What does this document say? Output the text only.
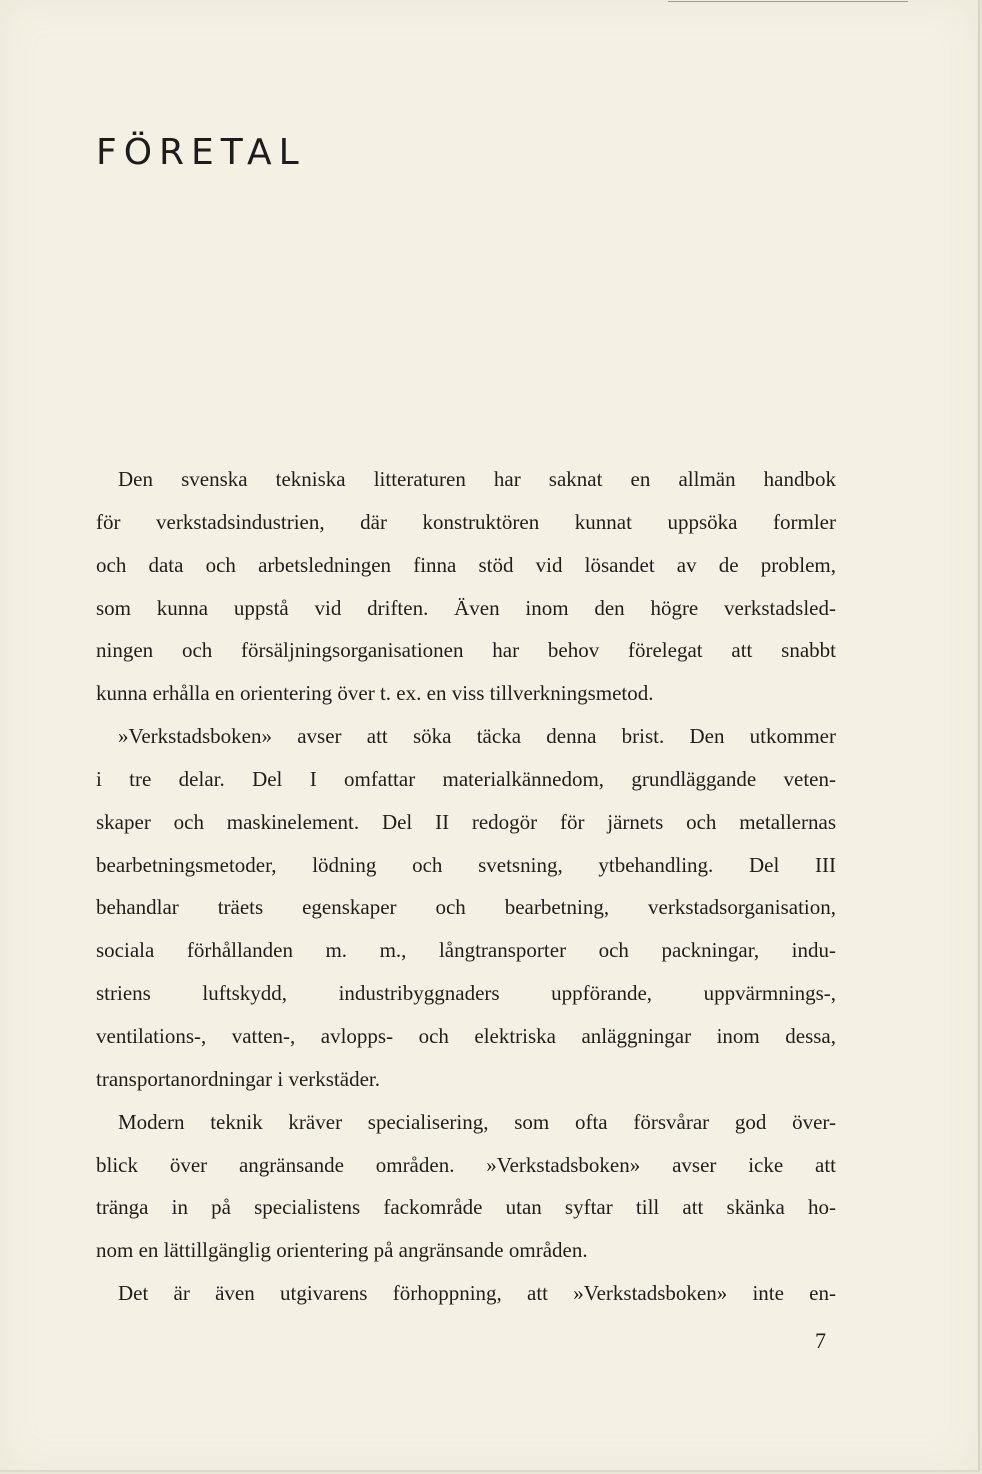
FÖRETAL

Den svenska tekniska litteraturen har saknat en allmän handbok

för verkstadsindustrien, där konstruktören kunnat uppsöka formler

och data och arbetsledningen finna stöd vid lösandet av de problem,

som kunna uppstå vid driften. Även inom den högre verkstadsled-

ningen och försäljningsorganisationen har behov förelegat att snabbt

kunna erhålla en orientering över t. ex. en viss tillverkningsmetod.

»Verkstadsboken» avser att söka täcka denna brist. Den utkommer

i tre delar. Del I omfattar materialkännedom, grundläggande veten-

skaper och maskinelement. Del II redogör för järnets och metallernas

bearbetningsmetoder, lödning och svetsning, ytbehandling. Del III

behandlar träets egenskaper och bearbetning, verkstadsorganisation,

sociala förhållanden m. m., långtransporter och packningar, indu-

striens luftskydd, industribyggnaders uppförande, uppvärmnings-,

ventilations-, vatten-, avlopps- och elektriska anläggningar inom dessa,

transportanordningar i verkstäder.

Modern teknik kräver specialisering, som ofta försvårar god över-

blick över angränsande områden. »Verkstadsboken» avser icke att

tränga in på specialistens fackområde utan syftar till att skänka ho-

nom en lättillgänglig orientering på angränsande områden.

Det är även utgivarens förhoppning, att »Verkstadsboken» inte en-

7
